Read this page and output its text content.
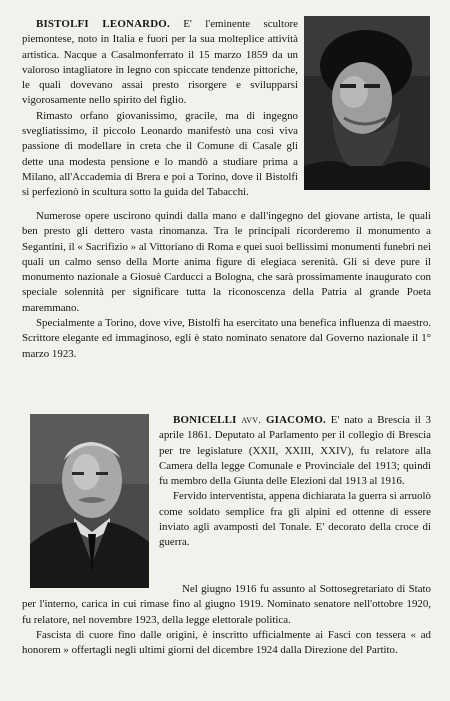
BISTOLFI LEONARDO. E' l'eminente scultore piemontese, noto in Italia e fuori per la sua molteplice attività artistica. Nacque a Casalmonferrato il 15 marzo 1859 da un valoroso intagliatore in legno con spiccate tendenze pittoriche, le quali dovevano assai presto risorgere e svilupparsi vigorosamente nello spirito del figlio.

Rimasto orfano giovanissimo, gracile, ma di ingegno svegliatissimo, il piccolo Leonardo manifestò una così viva passione di modellare in creta che il Comune di Casale gli dette una modesta pensione e lo mandò a studiare prima a Milano, all'Accademia di Brera e poi a Torino, dove il Bistolfi si perfezionò in scultura sotto la guida del Tabacchi.

Numerose opere uscirono quindi dalla mano e dall'ingegno del giovane artista, le quali ben presto gli dettero vasta rinomanza. Tra le principali ricorderemo il monumento a Segantini, il « Sacrifizio » al Vittoriano di Roma e quei suoi bellissimi monumenti funebri nei quali un calmo senso della Morte anima figure di elegiaca serenità. Gli si deve pure il monumento nazionale a Giosuè Carducci a Bologna, che sarà prossimamente inaugurato con speciale solennità per significare tutta la riconoscenza della Patria al grande Poeta maremmano.

Specialmente a Torino, dove vive, Bistolfi ha esercitato una benefica influenza di maestro. Scrittore elegante ed immaginoso, egli è stato nominato senatore dal Governo nazionale il 1° marzo 1923.

BONICELLI avv. GIACOMO. E' nato a Brescia il 3 aprile 1861. Deputato al Parlamento per il collegio di Brescia per tre legislature (XXII, XXIII, XXIV), fu relatore alla Camera della legge Comunale e Provinciale del 1913; quindi fu membro della Giunta delle Elezioni dal 1913 al 1916.

Fervido interventista, appena dichiarata la guerra si arruolò come soldato semplice fra gli alpini ed ottenne di essere inviato agli avamposti del Tonale. E' decorato della croce di guerra.

Nel giugno 1916 fu assunto al Sottosegretariato di Stato per l'interno, carica in cui rimase fino al giugno 1919. Nominato senatore nell'ottobre 1920, fu relatore, nel novembre 1923, della legge elettorale politica.

Fascista di cuore fino dalle origini, è inscritto ufficialmente ai Fasci con tessera « ad honorem » offertagli negli ultimi giorni del dicembre 1924 dalla Direzione del Partito.
